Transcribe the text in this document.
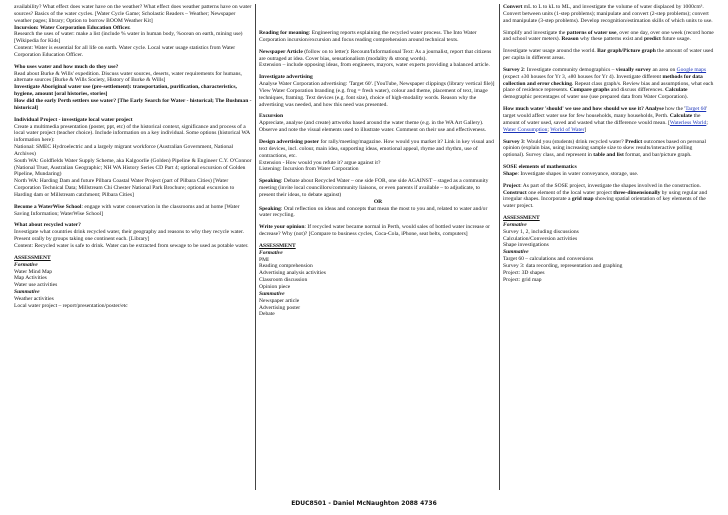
availability? What effect does water have on the weather? What effect does weather patterns have on water sources? Basics of the water cycles. [Water Cycle Game; Scholastic Readers – Weather; Newspaper weather pages; library; Option to borrow BOOM Weather Kit]

Incursion: Water Corporation Education Officer.

Research the uses of water: make a list (include % water in human body, %ocean on earth, mining use) [Wikipedia for Kids]

Content: Water is essential for all life on earth. Water cycle. Local water usage statistics from Water Corporation Education Officer.

Who uses water and how much do they use?

Read about Burke & Wills' expedition. Discuss water sources, deserts, water requirements for humans, alternate sources [Burke & Wills Society, History of Burke & Wills]

Investigate Aboriginal water use (pre-settlement): transportation, purification, characteristics, hygiene, amount [oral histories, stories]

How did the early Perth settlers use water? [The Early Search for Water - historical; The Bushman - historical]

Individual Project - investigate local water project

Create a multimedia presentation (poster, ppt, etc) of the historical context, significance and process of a local water project (teacher choice). Include information on a key individual. Some options (historical WA information here):

National: SMEC Hydroelectric and a largely migrant workforce (Australian Government, National Archives)

South WA: Goldfields Water Supply Scheme, aka Kalgoorlie (Golden) Pipeline & Engineer C.Y. O'Connor (National Trust, Australian Geographic; NH WA History Series CD Part 4; optional excursion of Golden Pipeline, Mundaring)

North WA: Harding Dam and future Pilbara Coastal Water Project (part of Pilbara Cities) [Water Corporation Technical Data; Millstream Chi Chester National Park Brochure; optional excursion to Harding dam or Millstream catchment; Pilbara Cities]

Become a WaterWise School: engage with water conservation in the classrooms and at home [Water Saving Information; WaterWise School]

What about recycled water?

Investigate what countries drink recycled water, their geography and reasons to why they recycle water. Present orally by groups taking one continent each. [Library]

Content: Recycled water is safe to drink. Water can be extracted from sewage to be used as potable water.

ASSESSMENT

Formative

Water Mind Map

Map Activities

Water use activities

Summative

Weather activities

Local water project – report/presentation/poster/etc

Reading for meaning: Engineering reports explaining the recycled water process. The Into Water Corporation incursion/excursion and focus reading comprehension around technical texts.

Newspaper Article (follow on to letter): Recount/Informational Text: As a journalist, report that citizens are outraged at idea. Cover bias, sensationalism (modality & strong words).

Extension – include opposing ideas, from engineers, mayors, water experts providing a balanced article.

Investigate advertising

Analyse Water Corporation advertising: 'Target 60'. [YouTube, Newspaper clippings (library vertical file)]

View Water Corporation branding (e.g. frog = fresh water), colour and theme, placement of text, image techniques, framing. Text devices (e.g. font size), choice of high-modality words. Reason why the advertising was needed, and how this need was presented.

Excursion

Appreciate, analyse (and create) artworks based around the water theme (e.g. in the WA Art Gallery). Observe and note the visual elements used to illustrate water. Comment on their use and effectiveness.

Design advertising poster for rally/meeting/magazine. How would you market it? Link in key visual and text devices, incl. colour, main idea, supporting ideas, emotional appeal, rhyme and rhythm, use of contractions, etc.

Extension - How would you refute it? argue against it?

Listening: Incursion from Water Corporation

Speaking: Debate about Recycled Water – one side FOR, one side AGAINST – staged as a community meeting (invite local councillors/community liaisons, or even parents if available – to adjudicate, to present their ideas, to debate against)

OR

Speaking: Oral reflection on ideas and concepts that mean the most to you and, related to water and/or water recycling.

Write your opinion: If recycled water became normal in Perth, would sales of bottled water increase or decrease? Why (not)? [Compare to business cycles, Coca-Cola, iPhone, seat belts, computers]

ASSESSMENT

Formative

PMI

Reading comprehension

Advertising analysis activities

Classroom discussion

Opinion piece

Summative

Newspaper article

Advertising poster

Debate

Convert mL to L to kL to ML, and investigate the volume of water displaced by 1000cm³. Convert between units (1-step problems); manipulate and convert (2-step problems); convert and manipulate (3-step problems). Develop recognition/estimation skills of which units to use.

Simplify and investigate the patterns of water use, over one day, over one week (record home and school water meters). Reason why these patterns exist and predict future usage.

Investigate water usage around the world. Bar graph/Picture graph the amount of water used per capita in different areas.

Survey 2: Investigate community demographics – visually survey an area on Google maps (expect ±30 houses for Yr 3, ±80 houses for Yr 4). Investigate different methods for data collection and error checking. Repeat class graph/s. Review bias and assumptions, what each place of residence represents. Compare graphs and discuss differences. Calculate demographic percentages of water use (use prepared data from Water Corporation).

How much water 'should' we use and how should we use it? Analyse how the 'Target 60' target would affect water use for few households, many households, Perth. Calculate the amount of water used, saved and wasted what the difference would mean. [Waterless World; Water Consumption; World of Water]

Survey 3: Would you (students) drink recycled water? Predict outcomes based on personal opinion (explain bias, using increasing sample size to skew results/interactive polling optional). Survey class, and represent in table and list format, and bar/picture graph.

SOSE elements of mathematics

Shape: Investigate shapes in water conveyance, storage, use.

Project: As part of the SOSE project, investigate the shapes involved in the construction. Construct one element of the local water project three-dimensionally by using regular and irregular shapes. Incorporate a grid map showing spatial orientation of key elements of the water project.

ASSESSMENT

Formative

Survey 1, 2, including discussions

Calculation/Conversion activities

Shape investigations

Summative

Target 60 – calculations and conversions

Survey 3: data recording, representation and graphing

Project: 3D shapes

Project: grid map

EDUC8501 - Daniel McNaughton 2088 4736
